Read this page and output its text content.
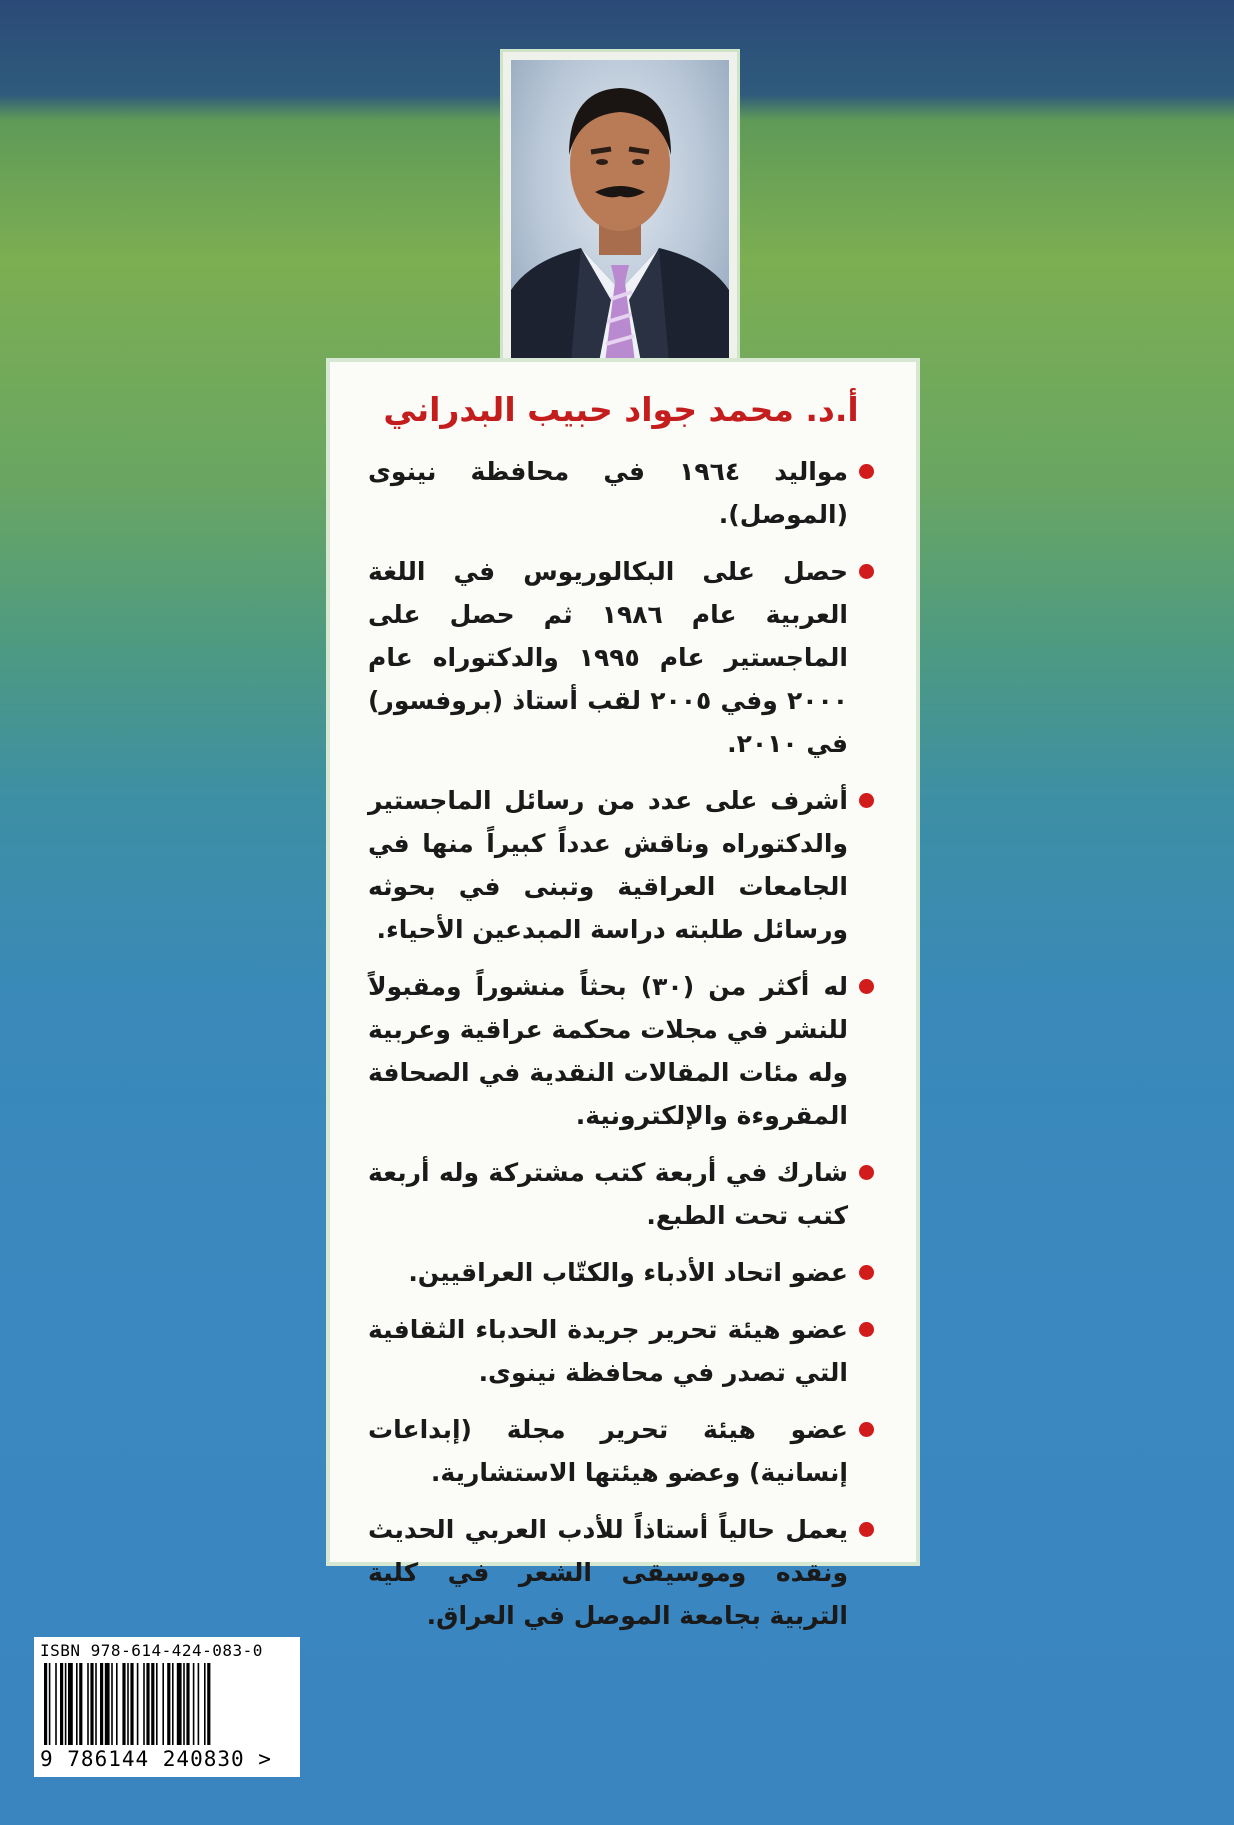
أ.د. محمد جواد حبيب البدراني
مواليد ١٩٦٤ في محافظة نينوى (الموصل).
حصل على البكالوريوس في اللغة العربية عام ١٩٨٦ ثم حصل على الماجستير عام ١٩٩٥ والدكتوراه عام ٢٠٠٠ وفي ٢٠٠٥ لقب أستاذ (بروفسور) في ٢٠١٠.
أشرف على عدد من رسائل الماجستير والدكتوراه وناقش عدداً كبيراً منها في الجامعات العراقية وتبنى في بحوثه ورسائل طلبته دراسة المبدعين الأحياء.
له أكثر من (٣٠) بحثاً منشوراً ومقبولاً للنشر في مجلات محكمة عراقية وعربية وله مئات المقالات النقدية في الصحافة المقروءة والإلكترونية.
شارك في أربعة كتب مشتركة وله أربعة كتب تحت الطبع.
عضو اتحاد الأدباء والكتّاب العراقيين.
عضو هيئة تحرير جريدة الحدباء الثقافية التي تصدر في محافظة نينوى.
عضو هيئة تحرير مجلة (إبداعات إنسانية) وعضو هيئتها الاستشارية.
يعمل حالياً أستاذاً للأدب العربي الحديث ونقده وموسيقى الشعر في كلية التربية بجامعة الموصل في العراق.
ISBN 978-614-424-083-0
9 786144 240830 >
